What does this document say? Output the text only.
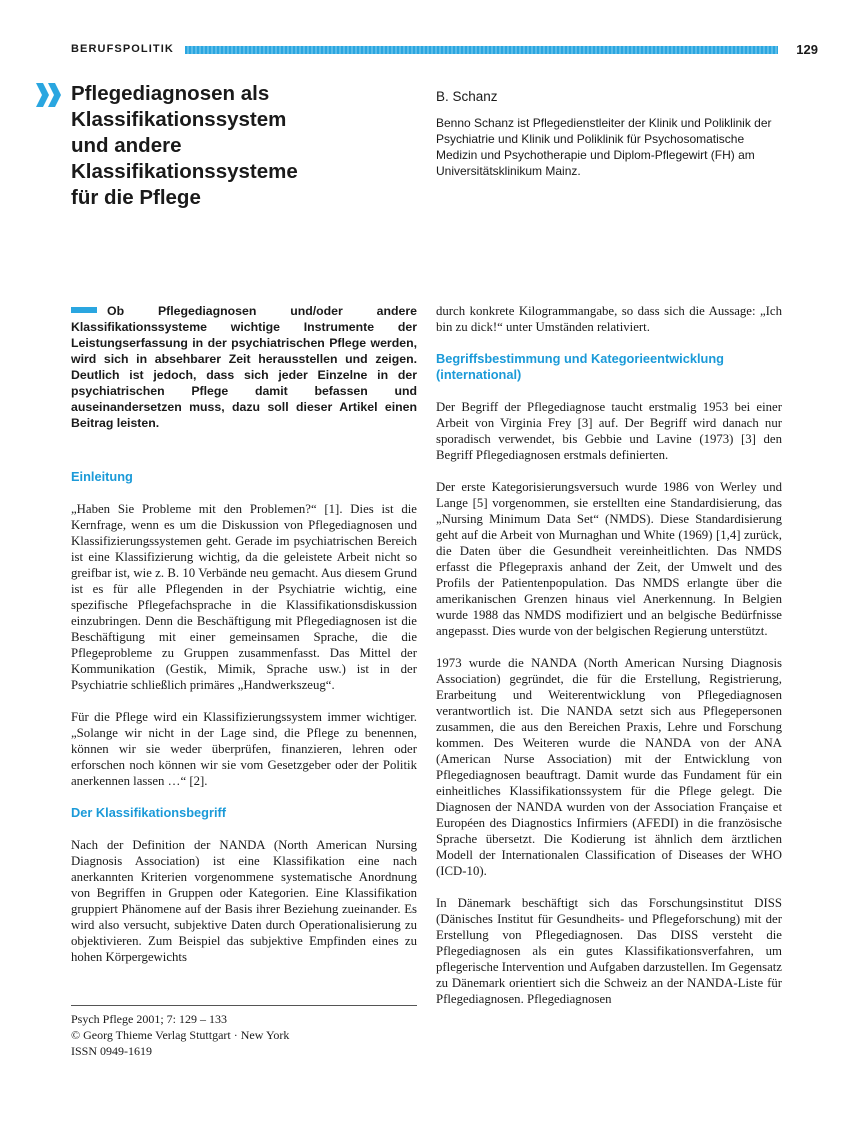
BERUFSPOLITIK	129
Pflegediagnosen als
Klassifikationssystem
und andere Klassifikationssysteme
für die Pflege
B. Schanz
Benno Schanz ist Pflegedienstleiter der Klinik und Poliklinik der Psychiatrie und Klinik und Poliklinik für Psychosomatische Medizin und Psychotherapie und Diplom-Pflegewirt (FH) am Universitätsklinikum Mainz.

Ob Pflegediagnosen und/oder andere Klassifikationssysteme wichtige Instrumente der Leistungserfassung in der psychiatrischen Pflege werden, wird sich in absehbarer Zeit herausstellen und zeigen. Deutlich ist jedoch, dass sich jeder Einzelne in der psychiatrischen Pflege damit befassen und auseinandersetzen muss, dazu soll dieser Artikel einen Beitrag leisten.

Einleitung

„Haben Sie Probleme mit den Problemen?“ [1]. Dies ist die Kernfrage, wenn es um die Diskussion von Pflegediagnosen und Klassifizierungssystemen geht. Gerade im psychiatrischen Bereich ist eine Klassifizierung wichtig, da die geleistete Arbeit nicht so greifbar ist, wie z. B. 10 Verbände neu gemacht. Aus diesem Grund ist es für alle Pflegenden in der Psychiatrie wichtig, eine spezifische Pflegefachsprache in die Klassifikationsdiskussion einzubringen. Denn die Beschäftigung mit Pflegediagnosen ist die Beschäftigung mit einer gemeinsamen Sprache, die die Pflegeprobleme zu Gruppen zusammenfasst. Das Mittel der Kommunikation (Gestik, Mimik, Sprache usw.) ist in der Psychiatrie schließlich primäres „Handwerkszeug“.

Für die Pflege wird ein Klassifizierungssystem immer wichtiger. „Solange wir nicht in der Lage sind, die Pflege zu benennen, können wir sie weder überprüfen, finanzieren, lehren oder erforschen noch können wir sie vom Gesetzgeber oder der Politik anerkennen lassen …“ [2].

Der Klassifikationsbegriff

Nach der Definition der NANDA (North American Nursing Diagnosis Association) ist eine Klassifikation eine nach anerkannten Kriterien vorgenommene systematische Anordnung von Begriffen in Gruppen oder Kategorien. Eine Klassifikation gruppiert Phänomene auf der Basis ihrer Beziehung zueinander. Es wird also versucht, subjektive Daten durch Operationalisierung zu objektivieren. Zum Beispiel das subjektive Empfinden eines zu hohen Körpergewichts

durch konkrete Kilogrammangabe, so dass sich die Aussage: „Ich bin zu dick!“ unter Umständen relativiert.

Begriffsbestimmung und Kategorieentwicklung (international)

Der Begriff der Pflegediagnose taucht erstmalig 1953 bei einer Arbeit von Virginia Frey [3] auf. Der Begriff wird danach nur sporadisch verwendet, bis Gebbie und Lavine (1973) [3] den Begriff Pflegediagnosen erstmals definierten.

Der erste Kategorisierungsversuch wurde 1986 von Werley und Lange [5] vorgenommen, sie erstellten eine Standardisierung, das „Nursing Minimum Data Set“ (NMDS). Diese Standardisierung geht auf die Arbeit von Murnaghan und White (1969) [1,4] zurück, die Daten über die Gesundheit vereinheitlichten. Das NMDS erfasst die Pflegepraxis anhand der Zeit, der Umwelt und des Profils der Patientenpopulation. Das NMDS erlangte über die amerikanischen Grenzen hinaus viel Anerkennung. In Belgien wurde 1988 das NMDS modifiziert und an belgische Bedürfnisse angepasst. Dies wurde von der belgischen Regierung unterstützt.

1973 wurde die NANDA (North American Nursing Diagnosis Association) gegründet, die für die Erstellung, Registrierung, Erarbeitung und Weiterentwicklung von Pflegediagnosen verantwortlich ist. Die NANDA setzt sich aus Pflegepersonen zusammen, die aus den Bereichen Praxis, Lehre und Forschung kommen. Des Weiteren wurde die NANDA von der ANA (American Nurse Association) mit der Entwicklung von Pflegediagnosen beauftragt. Damit wurde das Fundament für ein einheitliches Klassifikationssystem für die Pflege gelegt. Die Diagnosen der NANDA wurden von der Association Française et Européen des Diagnostics Infirmiers (AFEDI) in die französische Sprache übersetzt. Die Kodierung ist ähnlich dem ärztlichen Modell der Internationalen Classification of Diseases der WHO (ICD-10).

In Dänemark beschäftigt sich das Forschungsinstitut DISS (Dänisches Institut für Gesundheits- und Pflegeforschung) mit der Erstellung von Pflegediagnosen. Das DISS versteht die Pflegediagnosen als ein gutes Klassifikationsverfahren, um pflegerische Intervention und Aufgaben darzustellen. Im Gegensatz zu Dänemark orientiert sich die Schweiz an der NANDA-Liste für Pflegediagnosen. Pflegediagnosen

Psych Pflege 2001; 7: 129 – 133
© Georg Thieme Verlag Stuttgart · New York
ISSN 0949-1619
